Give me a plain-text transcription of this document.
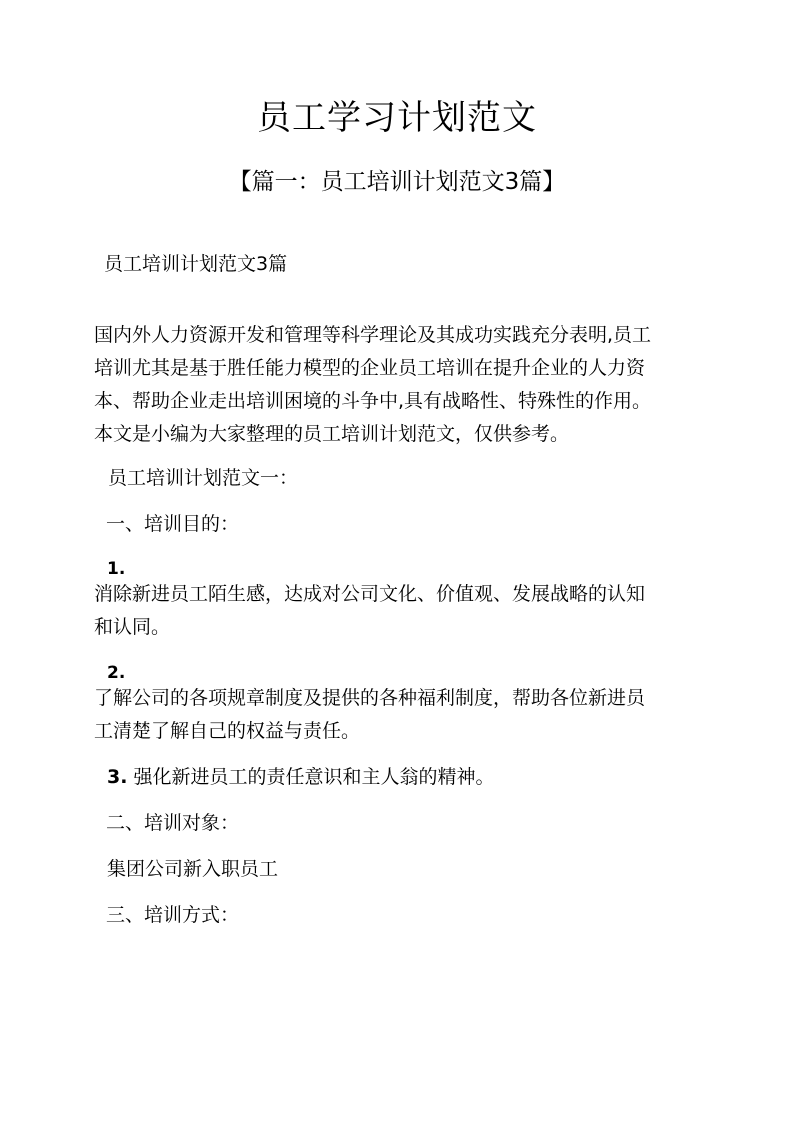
员工学习计划范文

【篇一：员工培训计划范文3篇】

员工培训计划范文3篇

国内外人力资源开发和管理等科学理论及其成功实践充分表明,员工

培训尤其是基于胜任能力模型的企业员工培训在提升企业的人力资

本、帮助企业走出培训困境的斗争中,具有战略性、特殊性的作用。

本文是小编为大家整理的员工培训计划范文，仅供参考。

员工培训计划范文一：

一、培训目的：

1.

消除新进员工陌生感，达成对公司文化、价值观、发展战略的认知

和认同。

2.

了解公司的各项规章制度及提供的各种福利制度，帮助各位新进员

工清楚了解自己的权益与责任。

3. 强化新进员工的责任意识和主人翁的精神。

二、培训对象：

集团公司新入职员工

三、培训方式：
